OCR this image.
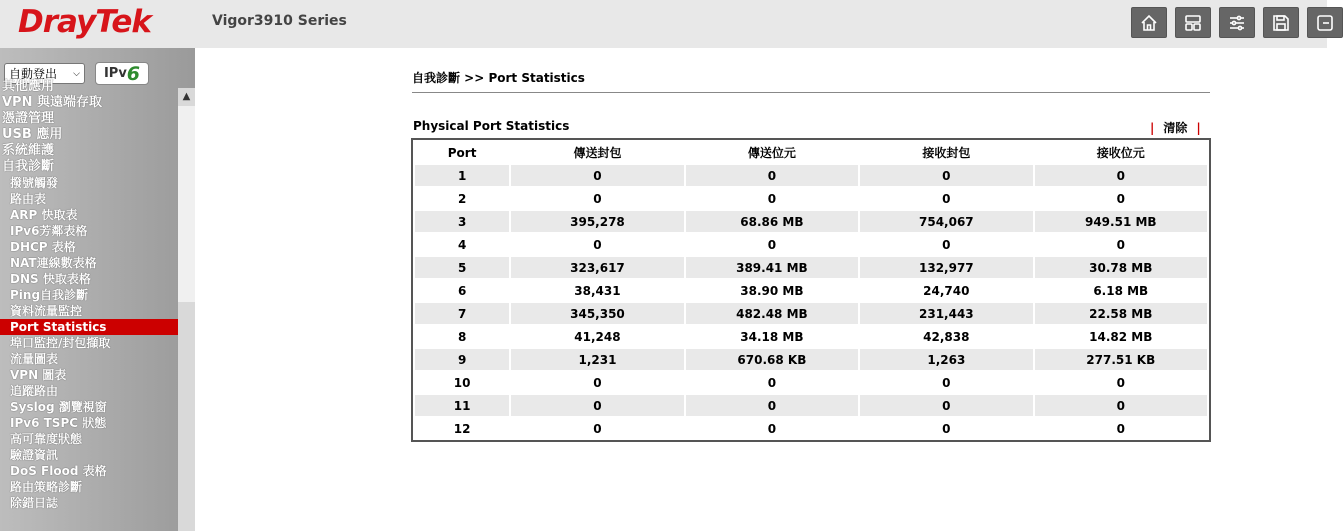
DrayTek	Vigor3910 Series
自動登出 ⌵ IPv 6
其他應用
VPN 與遠端存取
憑證管理
USB 應用
系統維護
自我診斷
撥號觸發
路由表
ARP 快取表
IPv6芳鄰表格
DHCP 表格
NAT連線數表格
DNS 快取表格
Ping自我診斷
資料流量監控
Port Statistics
埠口監控/封包擷取
流量圖表
VPN 圖表
追蹤路由
Syslog 瀏覽視窗
IPv6 TSPC 狀態
高可靠度狀態
驗證資訊
DoS Flood 表格
路由策略診斷
除錯日誌
▲
自我診斷 >> Port Statistics
Physical Port Statistics	| 清除 |
Port	傳送封包	傳送位元	接收封包	接收位元
1	0	0	0	0
2	0	0	0	0
3	395,278	68.86 MB	754,067	949.51 MB
4	0	0	0	0
5	323,617	389.41 MB	132,977	30.78 MB
6	38,431	38.90 MB	24,740	6.18 MB
7	345,350	482.48 MB	231,443	22.58 MB
8	41,248	34.18 MB	42,838	14.82 MB
9	1,231	670.68 KB	1,263	277.51 KB
10	0	0	0	0
11	0	0	0	0
12	0	0	0	0
